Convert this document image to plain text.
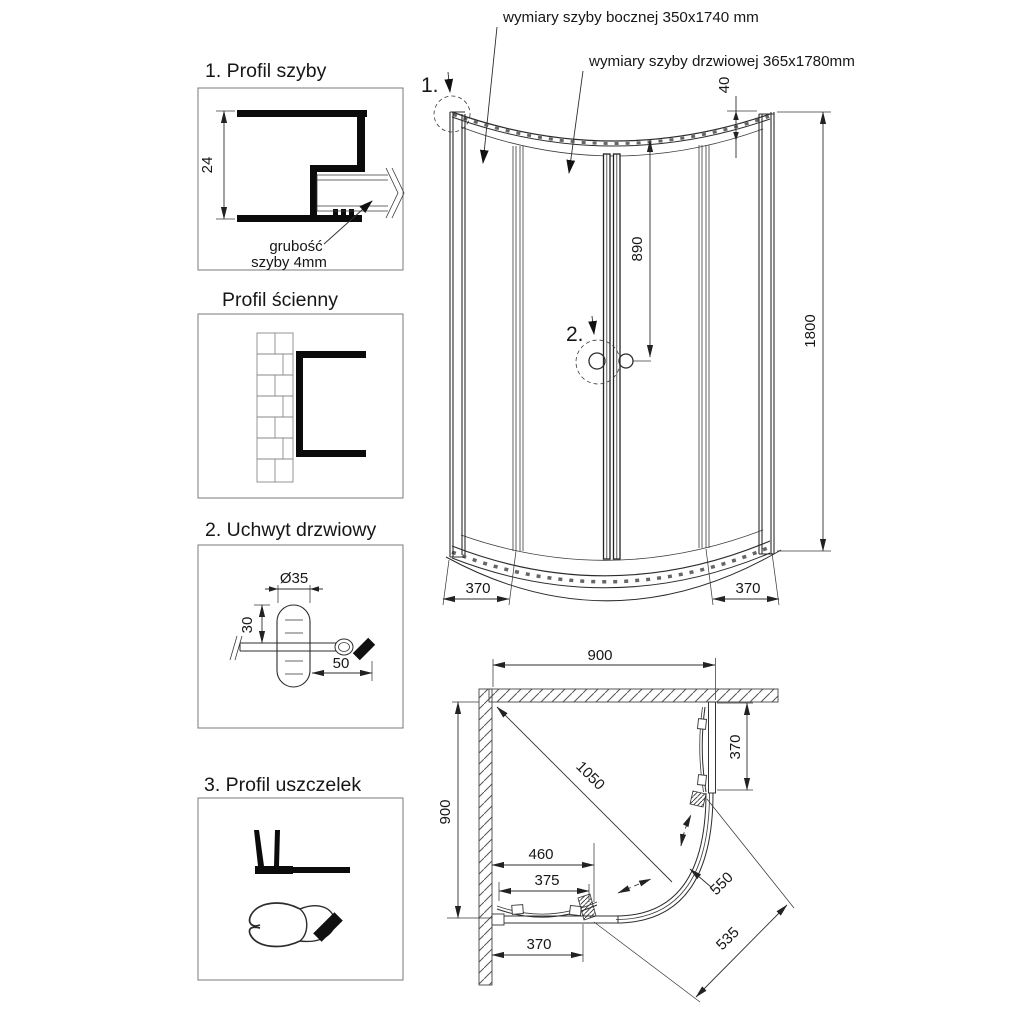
1. Profil szyby
Profil ścienny
2. Uchwyt drzwiowy
3. Profil uszczelek
24
grubość
szyby 4mm
Ø35
30
50
wymiary szyby bocznej 350x1740 mm
wymiary szyby drzwiowej 365x1780mm
1.
2.
40
890
1800
370	370
900
900
1050
370
460
375
370
550
535
